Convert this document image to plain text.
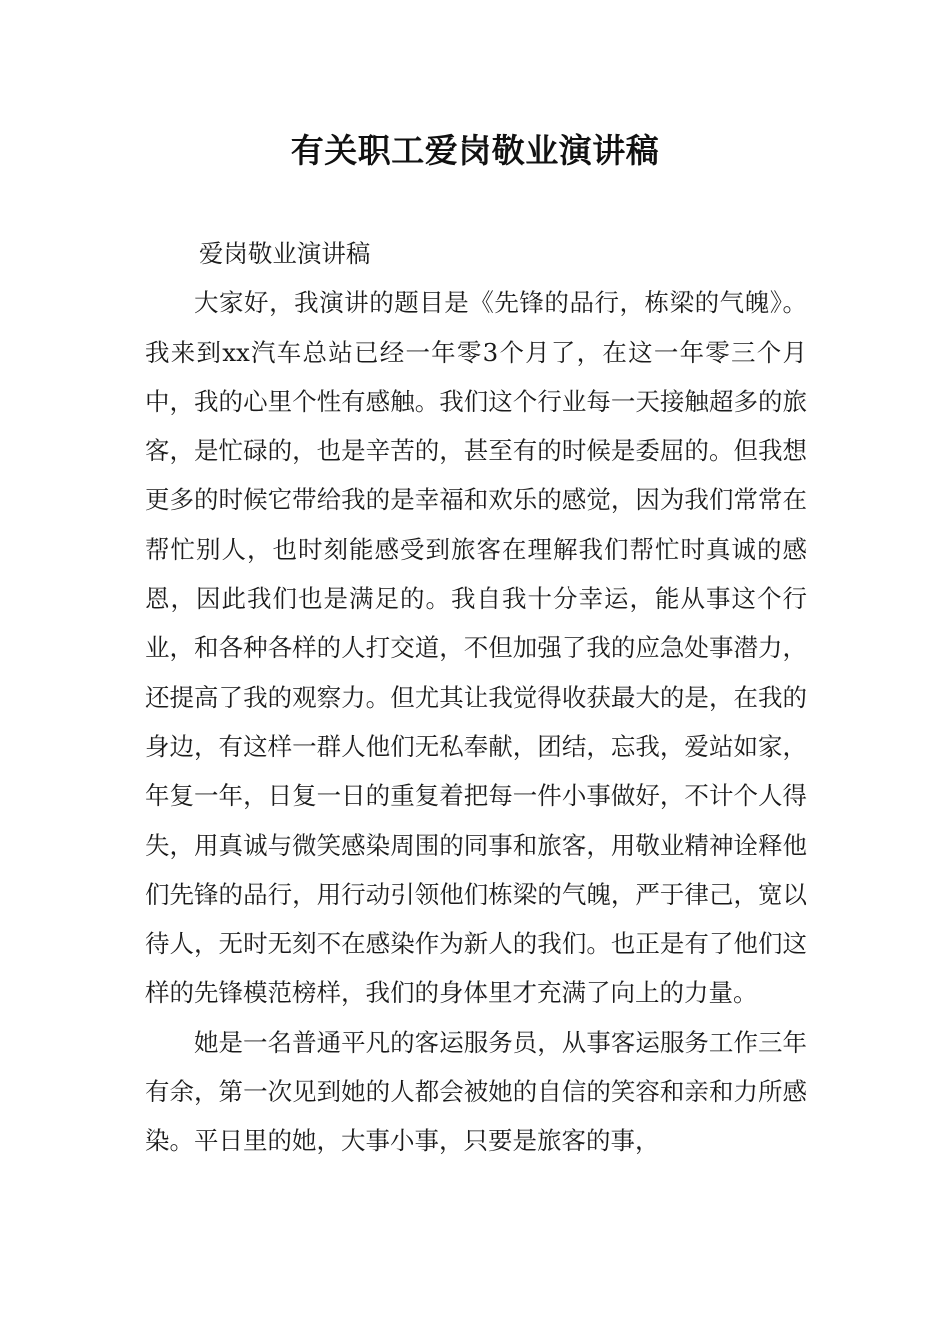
有关职工爱岗敬业演讲稿

爱岗敬业演讲稿

大家好，我演讲的题目是《先锋的品行，栋梁的气魄》。我来到xx汽车总站已经一年零3个月了，在这一年零三个月中，我的心里个性有感触。我们这个行业每一天接触超多的旅客，是忙碌的，也是辛苦的，甚至有的时候是委屈的。但我想更多的时候它带给我的是幸福和欢乐的感觉，因为我们常常在帮忙别人，也时刻能感受到旅客在理解我们帮忙时真诚的感恩，因此我们也是满足的。我自我十分幸运，能从事这个行业，和各种各样的人打交道，不但加强了我的应急处事潜力，还提高了我的观察力。但尤其让我觉得收获最大的是，在我的身边，有这样一群人他们无私奉献，团结，忘我，爱站如家，年复一年，日复一日的重复着把每一件小事做好，不计个人得失，用真诚与微笑感染周围的同事和旅客，用敬业精神诠释他们先锋的品行，用行动引领他们栋梁的气魄，严于律己，宽以待人，无时无刻不在感染作为新人的我们。也正是有了他们这样的先锋模范榜样，我们的身体里才充满了向上的力量。

她是一名普通平凡的客运服务员，从事客运服务工作三年有余，第一次见到她的人都会被她的自信的笑容和亲和力所感染。平日里的她，大事小事，只要是旅客的事，
